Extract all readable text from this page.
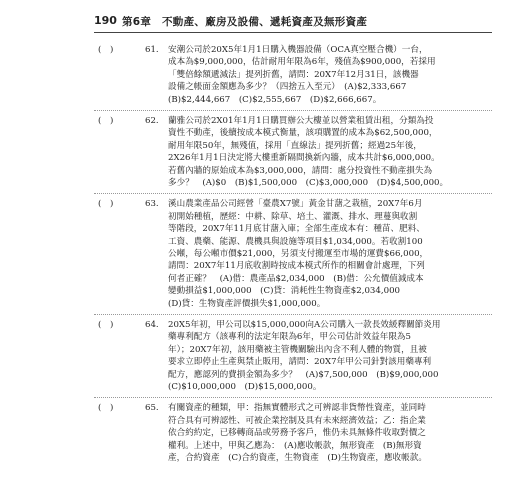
190 第6章　不動產、廠房及設備、遞耗資產及無形資產
(　)	61. 安潮公司於20X5年1月1日購入機器設備（OCA真空壓合機）一台，
成本為$9,000,000，估計耐用年限為6年，殘值為$900,000，若採用
「雙倍餘額遞減法」提列折舊，請問：20X7年12月31日，該機器
設備之帳面金額應為多少？（四捨五入至元）　(A)$2,333,667
(B)$2,444,667　(C)$2,555,667　(D)$2,666,667。
(　)	62. 蘭雅公司於2X01年1月1日購買辦公大樓並以營業租賃出租，分類為投
資性不動產，後續按成本模式衡量，該項購置的成本為$62,500,000，
耐用年限50年，無殘值，採用「直線法」提列折舊；經過25年後，
2X26年1月1日決定將大樓重新隔間換新內牆，成本共計$6,000,000。
若舊內牆的原始成本為$3,000,000，請問：處分投資性不動產損失為
多少？　(A)$0　(B)$1,500,000　(C)$3,000,000　(D)$4,500,000。
(　)	63. 溪山農業產品公司經營「臺農X7號」黃金甘藷之栽植，20X7年6月
初開始種植，歷經：中耕、除草、培土、灌溉、排水、理蔓與收割
等階段，20X7年11月底甘藷入庫；全部生產成本有：種苗、肥料、
工資、農藥、能源、農機具與設施等項目$1,034,000。若收割100
公噸，每公噸市價$21,000，另須支付搬運至市場的運費$66,000，
請問：20X7年11月底收割時按成本模式所作的相關會計處理，下列
何者正確？　(A)借：農產品$2,034,000　(B)借：公允價值減成本
變動損益$1,000,000　(C)貸：消耗性生物資產$2,034,000
(D)貸：生物資產評價損失$1,000,000。
(　)	64. 20X5年初，甲公司以$15,000,000向A公司購入一款長效緩釋關節炎用
藥專利配方（該專利的法定年限為6年，甲公司估計效益年限為5
年）；20X7年初，該用藥被主管機關驗出內含不利人體的物質，且被
要求立即停止生產與禁止販用，請問：20X7年甲公司針對該用藥專利
配方，應認列的費損金額為多少？　(A)$7,500,000　(B)$9,000,000
(C)$10,000,000　(D)$15,000,000。
(　)	65. 有關資產的種類，甲：指無實體形式之可辨認非貨幣性資產，並同時
符合具有可辨認性、可被企業控制及具有未來經濟效益；乙：指企業
依合約約定，已移轉商品或勞務予客戶，惟仍未具無條件收取對價之
權利。上述中，甲與乙應為：　(A)應收帳款，無形資產　(B)無形資
產，合約資產　(C)合約資產，生物資產　(D)生物資產，應收帳款。
